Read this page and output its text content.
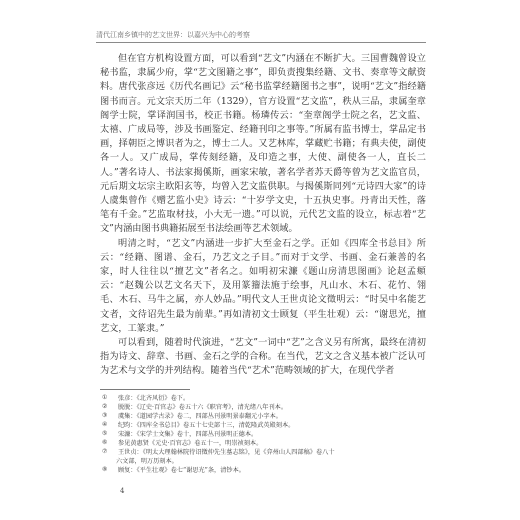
清代江南乡镇中的艺文世界：以嘉兴为中心的考察

但在官方机构设置方面，可以看到“艺文”内涵在不断扩大。三国曹魏曾设立秘书监，隶属少府，掌“艺文图籍之事”，即负责搜集经籍、文书、奏章等文献资料。唐代张彦远《历代名画记》云“秘书监掌经籍图书之事”，说明“艺文”指经籍图书而言。元文宗天历二年（1329），官方设置“艺文监”，秩从三品，隶属奎章阁学士院，掌译润国书，校正书籍。杨璘传云：“奎章阁学士院之名，艺文监、太禧、广成局等，涉及书画鉴定、经籍刊印之事等。”所属有监书博士，掌品定书画，择朝臣之博识者为之，博士二人。又艺林库，掌藏贮书籍；有典夫使，副使各一人。又广成局，掌传刻经籍，及印造之事，大使、副使各一人，直长二人。”著名诗人、书法家揭傒斯，画家宋敏，著名学者苏天爵等曾为艺文监官员，元后期文坛宗主欧阳玄等，均曾入艺文监供职。与揭傒斯同列“元诗四大家”的诗人虞集曾作《赠艺监小史》诗云：“十岁学文史，十五执史事。丹青出天性，落笔有千金。”艺监取材技，小大无一遗。”可以说，元代艺文监的设立，标志着“艺文”内涵由图书典籍拓展至书法绘画等艺术领域。

明清之时，“艺文”内涵进一步扩大至金石之学。正如《四库全书总目》所云：“经籍、图谱、金石，乃艺文之子目。”而对于文学、书画、金石兼善的名家，时人往往以“擅艺文”者名之。如明初宋濂《题山房清思图画》论赵孟頫云：“赵魏公以艺文名天下，及用篆籀法施于绘事，凡山水、木石、花竹、翎毛、木石、马牛之属，亦人妙品。”明代文人王世贞论文徵明云：“时吴中名能艺文者，文待诏先生最为前辈。”再如清初文士顾复（平生壮观）云：“谢思光，擅艺文，工篆隶。”

可以看到，随着时代演进，“艺文”一词中“艺”之含义另有所寓，最终在清初指为诗文、辞章、书画、金石之学的合称。在当代，艺文之含义基本被广泛认可为艺术与文学的并列结构。随着当代“艺术”范畴领域的扩大，在现代学者

①	张彦：《北齐风衍》卷下。
②	脱脱：《辽史·百官志》卷五十六《职官考》，清光绪八年刊本。
③	虞集：《道园学古录》卷二，四部丛刊景明景泰翻元小字本。
④	纪昀：《四库全书总目》卷五十七史部十三，清乾隆武英殿刻本。
⑤	宋濂：《宋学士文集》卷十，四部丛刊景明正德本。
⑥	参见黄惠贤《元史·百官志》卷五十一，明崇祯刻本。
⑦	王世贞：《明太大理翰林院待诏徵仲先生墓志铭》，见《弇州山人四部稿》卷八十
六文部，明万历刻本。
⑧	顾复：《平生壮观》卷七“谢思光”条，清钞本。
4
